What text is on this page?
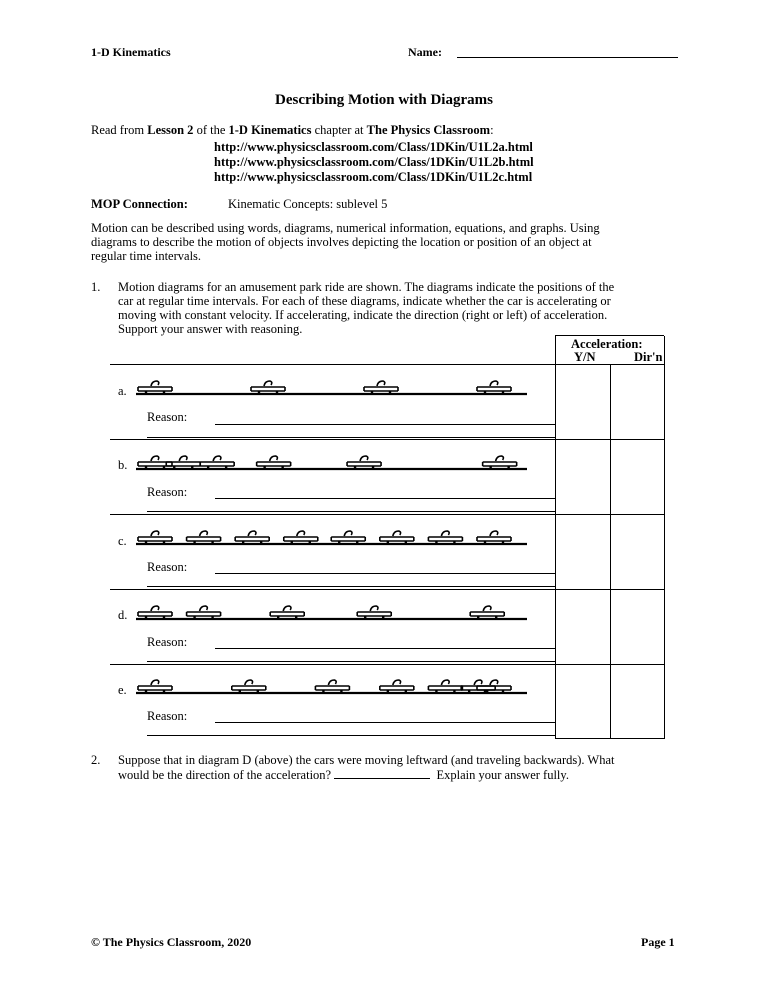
1-D Kinematics	Name:
Describing Motion with Diagrams
Read from Lesson 2 of the 1-D Kinematics chapter at The Physics Classroom:
http://www.physicsclassroom.com/Class/1DKin/U1L2a.html
http://www.physicsclassroom.com/Class/1DKin/U1L2b.html
http://www.physicsclassroom.com/Class/1DKin/U1L2c.html
MOP Connection:	Kinematic Concepts: sublevel 5
Motion can be described using words, diagrams, numerical information, equations, and graphs. Using
diagrams to describe the motion of objects involves depicting the location or position of an object at
regular time intervals.
1. Motion diagrams for an amusement park ride are shown. The diagrams indicate the positions of the
car at regular time intervals. For each of these diagrams, indicate whether the car is accelerating or
moving with constant velocity. If accelerating, indicate the direction (right or left) of acceleration.
Support your answer with reasoning.
Acceleration:
Y/N	Dir'n
a.
Reason:
b.
Reason:
c.
Reason:
d.
Reason:
e.
Reason:
2. Suppose that in diagram D (above) the cars were moving leftward (and traveling backwards). What
would be the direction of the acceleration?	Explain your answer fully.
© The Physics Classroom, 2020	Page 1
